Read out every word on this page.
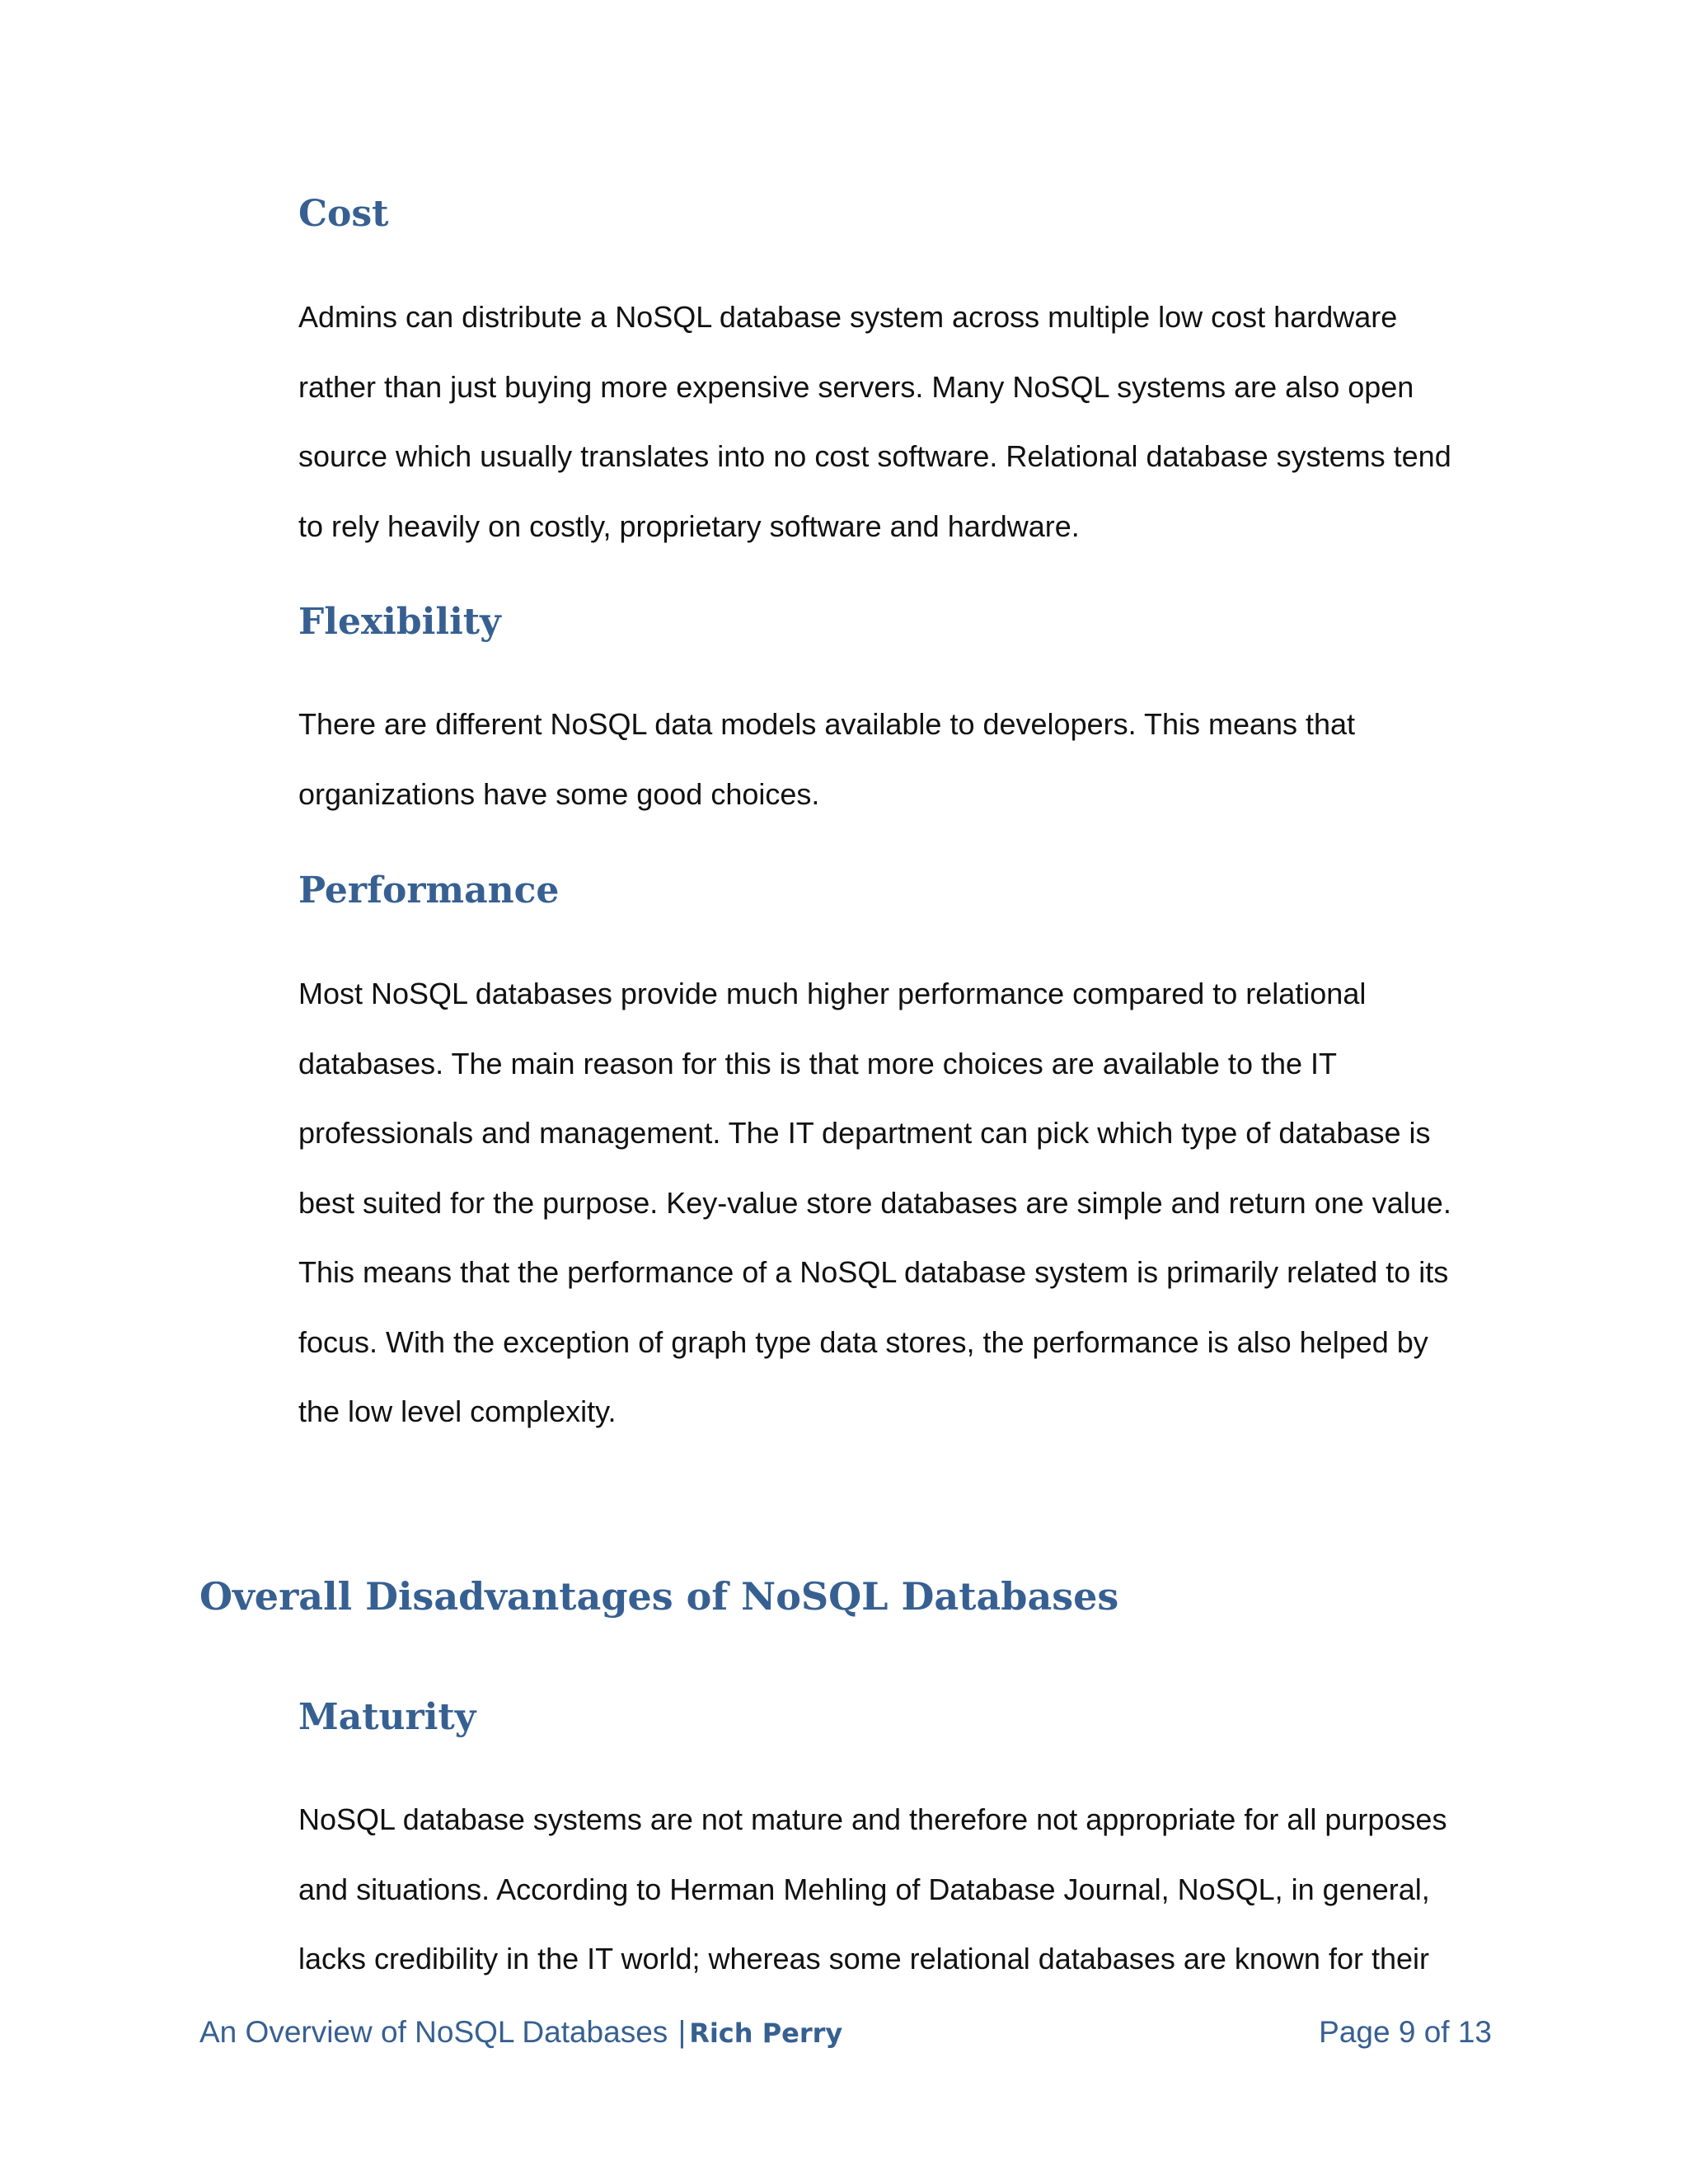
Cost
Admins can distribute a NoSQL database system across multiple low cost hardware
rather than just buying more expensive servers. Many NoSQL systems are also open
source which usually translates into no cost software. Relational database systems tend
to rely heavily on costly, proprietary software and hardware.
Flexibility
There are different NoSQL data models available to developers. This means that
organizations have some good choices.
Performance
Most NoSQL databases provide much higher performance compared to relational
databases. The main reason for this is that more choices are available to the IT
professionals and management. The IT department can pick which type of database is
best suited for the purpose. Key-value store databases are simple and return one value.
This means that the performance of a NoSQL database system is primarily related to its
focus. With the exception of graph type data stores, the performance is also helped by
the low level complexity.
Overall Disadvantages of NoSQL Databases
Maturity
NoSQL database systems are not mature and therefore not appropriate for all purposes
and situations. According to Herman Mehling of Database Journal, NoSQL, in general,
lacks credibility in the IT world; whereas some relational databases are known for their
An Overview of NoSQL Databases | Rich Perry	Page 9 of 13
